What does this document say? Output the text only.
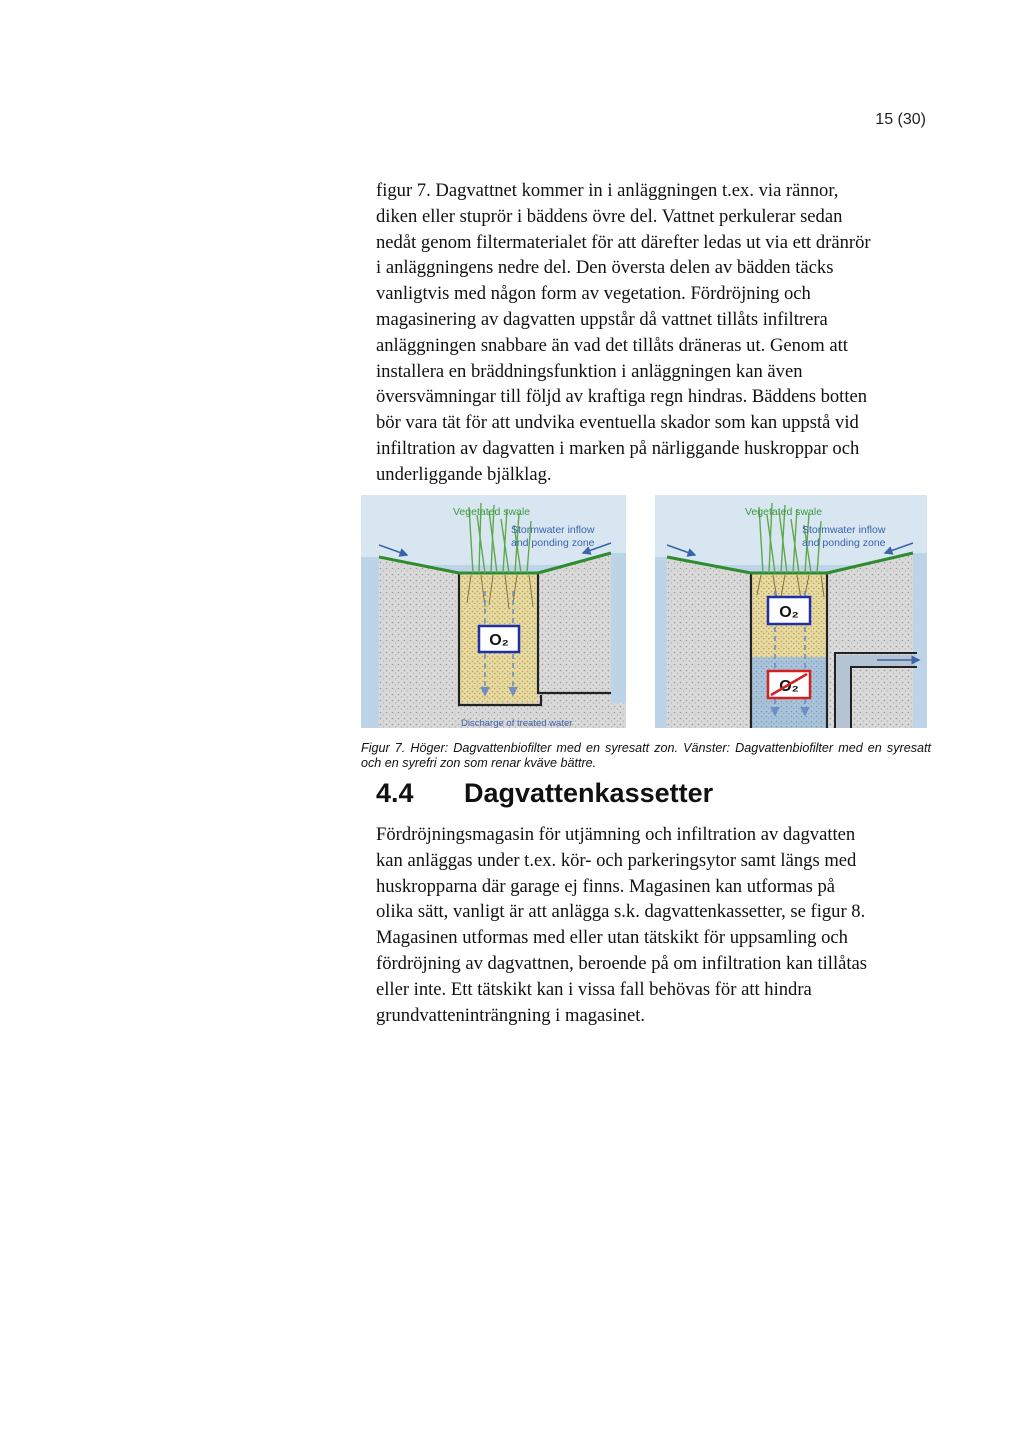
15 (30)
figur 7. Dagvattnet kommer in i anläggningen t.ex. via rännor,
diken eller stuprör i bäddens övre del. Vattnet perkulerar sedan
nedåt genom filtermaterialet för att därefter ledas ut via ett dränrör
i anläggningens nedre del. Den översta delen av bädden täcks
vanligtvis med någon form av vegetation. Fördröjning och
magasinering av dagvatten uppstår då vattnet tillåts infiltrera
anläggningen snabbare än vad det tillåts dräneras ut. Genom att
installera en bräddningsfunktion i anläggningen kan även
översvämningar till följd av kraftiga regn hindras. Bäddens botten
bör vara tät för att undvika eventuella skador som kan uppstå vid
infiltration av dagvatten i marken på närliggande huskroppar och
underliggande bjälklag.
O₂
Vegetated swale
Stormwater inflow
and ponding zone
Discharge of treated water
O₂
O₂
Vegetated swale
Stormwater inflow
and ponding zone

Figur 7. Höger: Dagvattenbiofilter med en syresatt zon. Vänster: Dagvattenbiofilter med en syresatt och en syrefri zon som renar kväve bättre.

4.4 Dagvattenkassetter
Fördröjningsmagasin för utjämning och infiltration av dagvatten
kan anläggas under t.ex. kör- och parkeringsytor samt längs med
huskropparna där garage ej finns. Magasinen kan utformas på
olika sätt, vanligt är att anlägga s.k. dagvattenkassetter, se figur 8.
Magasinen utformas med eller utan tätskikt för uppsamling och
fördröjning av dagvattnen, beroende på om infiltration kan tillåtas
eller inte. Ett tätskikt kan i vissa fall behövas för att hindra
grundvatteninträngning i magasinet.
